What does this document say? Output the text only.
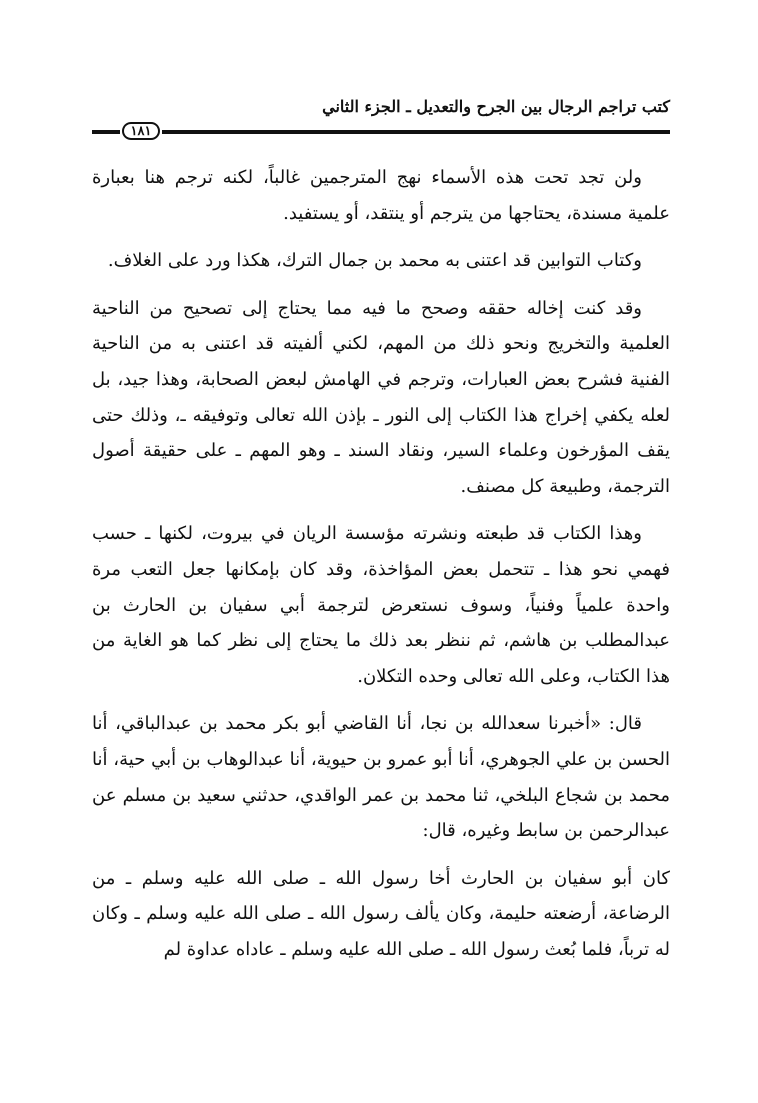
كتب تراجم الرجال بين الجرح والتعديل ـ الجزء الثاني
١٨١

ولن تجد تحت هذه الأسماء نهج المترجمين غالباً، لكنه ترجم هنا بعبارة علمية مسندة، يحتاجها من يترجم أو ينتقد، أو يستفيد.

وكتاب التوابين قد اعتنى به محمد بن جمال الترك، هكذا ورد على الغلاف.

وقد كنت إخاله حققه وصحح ما فيه مما يحتاج إلى تصحيح من الناحية العلمية والتخريج ونحو ذلك من المهم، لكني ألفيته قد اعتنى به من الناحية الفنية فشرح بعض العبارات، وترجم في الهامش لبعض الصحابة، وهذا جيد، بل لعله يكفي إخراج هذا الكتاب إلى النور ـ بإذن الله تعالى وتوفيقه ـ، وذلك حتى يقف المؤرخون وعلماء السير، ونقاد السند ـ وهو المهم ـ على حقيقة أصول الترجمة، وطبيعة كل مصنف.

وهذا الكتاب قد طبعته ونشرته مؤسسة الريان في بيروت، لكنها ـ حسب فهمي نحو هذا ـ تتحمل بعض المؤاخذة، وقد كان بإمكانها جعل التعب مرة واحدة علمياً وفنياً، وسوف نستعرض لترجمة أبي سفيان بن الحارث بن عبدالمطلب بن هاشم، ثم ننظر بعد ذلك ما يحتاج إلى نظر كما هو الغاية من هذا الكتاب، وعلى الله تعالى وحده التكلان.

قال: «أخبرنا سعدالله بن نجا، أنا القاضي أبو بكر محمد بن عبدالباقي، أنا الحسن بن علي الجوهري، أنا أبو عمرو بن حيوية، أنا عبدالوهاب بن أبي حية، أنا محمد بن شجاع البلخي، ثنا محمد بن عمر الواقدي، حدثني سعيد بن مسلم عن عبدالرحمن بن سابط وغيره، قال:

كان أبو سفيان بن الحارث أخا رسول الله ـ صلى الله عليه وسلم ـ من الرضاعة، أرضعته حليمة، وكان يألف رسول الله ـ صلى الله عليه وسلم ـ وكان له ترباً، فلما بُعث رسول الله ـ صلى الله عليه وسلم ـ عاداه عداوة لم
